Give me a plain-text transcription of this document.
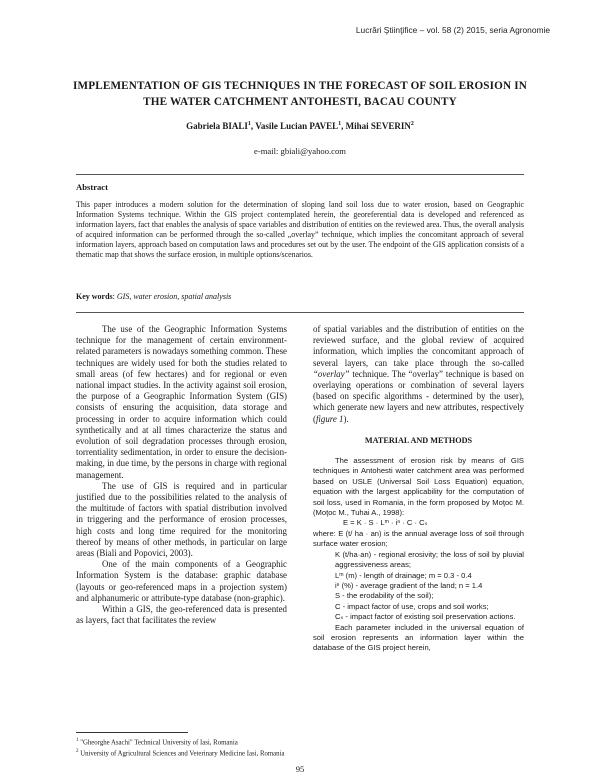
Lucrări Ştiinţifice – vol. 58 (2) 2015, seria Agronomie
IMPLEMENTATION OF GIS TECHNIQUES IN THE FORECAST OF SOIL EROSION IN THE WATER CATCHMENT ANTOHESTI, BACAU COUNTY
Gabriela BIALI$^1$, Vasile Lucian PAVEL$^1$, Mihai SEVERIN$^2$
e-mail: gbiali@yahoo.com
Abstract
This paper introduces a modern solution for the determination of sloping land soil loss due to water erosion, based on Geographic Information Systems technique. Within the GIS project contemplated herein, the georeferential data is developed and referenced as information layers, fact that enables the analysis of space variables and distribution of entities on the reviewed area. Thus, the overall analysis of acquired information can be performed through the so-called „overlay” technique, which implies the concomitant approach of several information layers, approach based on computation laws and procedures set out by the user. The endpoint of the GIS application consists of a thematic map that shows the surface erosion, in multiple options/scenarios.
Key words: GIS, water erosion, spatial analysis

The use of the Geographic Information Systems technique for the management of certain environment-related parameters is nowadays something common. These techniques are widely used for both the studies related to small areas (of few hectares) and for regional or even national impact studies. In the activity against soil erosion, the purpose of a Geographic Information System (GIS) consists of ensuring the acquisition, data storage and processing in order to acquire information which could synthetically and at all times characterize the status and evolution of soil degradation processes through erosion, torrentiality sedimentation, in order to ensure the decision-making, in due time, by the persons in charge with regional management.

The use of GIS is required and in particular justified due to the possibilities related to the analysis of the multitude of factors with spatial distribution involved in triggering and the performance of erosion processes, high costs and long time required for the monitoring thereof by means of other methods, in particular on large areas (Biali and Popovici, 2003).

One of the main components of a Geographic Information System is the database: graphic database (layouts or geo-referenced maps in a projection system) and alphanumeric or attribute-type database (non-graphic).

Within a GIS, the geo-referenced data is presented as layers, fact that facilitates the review

of spatial variables and the distribution of entities on the reviewed surface, and the global review of acquired information, which implies the concomitant approach of several layers, can take place through the so-called “overlay” technique. The “overlay” technique is based on overlaying operations or combination of several layers (based on specific algorithms - determined by the user), which generate new layers and new attributes, respectively (figure 1).

MATERIAL AND METHODS

The assessment of erosion risk by means of GIS techniques in Antohesti water catchment area was performed based on USLE (Universal Soil Loss Equation) equation, equation with the largest applicability for the computation of soil loss, used in Romania, in the form proposed by Moţoc M. (Moţoc M., Tuhai A., 1998):

E = K · S · Lᵐ · iⁿ · C · Cₛ

where: E (t/ ha · an) is the annual average loss of soil through surface water erosion;

K (t/ha·an) - regional erosivity; the loss of soil by pluvial aggressiveness areas;

Lᵐ (m) - length of drainage; m = 0.3 - 0.4

iⁿ (%) - average gradient of the land; n = 1.4

S - the erodability of the soil);

C - impact factor of use, crops and soil works;

Cₛ - impact factor of existing soil preservation actions.

Each parameter included in the universal equation of soil erosion represents an information layer within the database of the GIS project herein,

$^1$ "Gheorghe Asachi" Technical University of Iasi, Romania
$^2$ University of Agricultural Sciences and Veterinary Medicine Iasi, Romania
95
